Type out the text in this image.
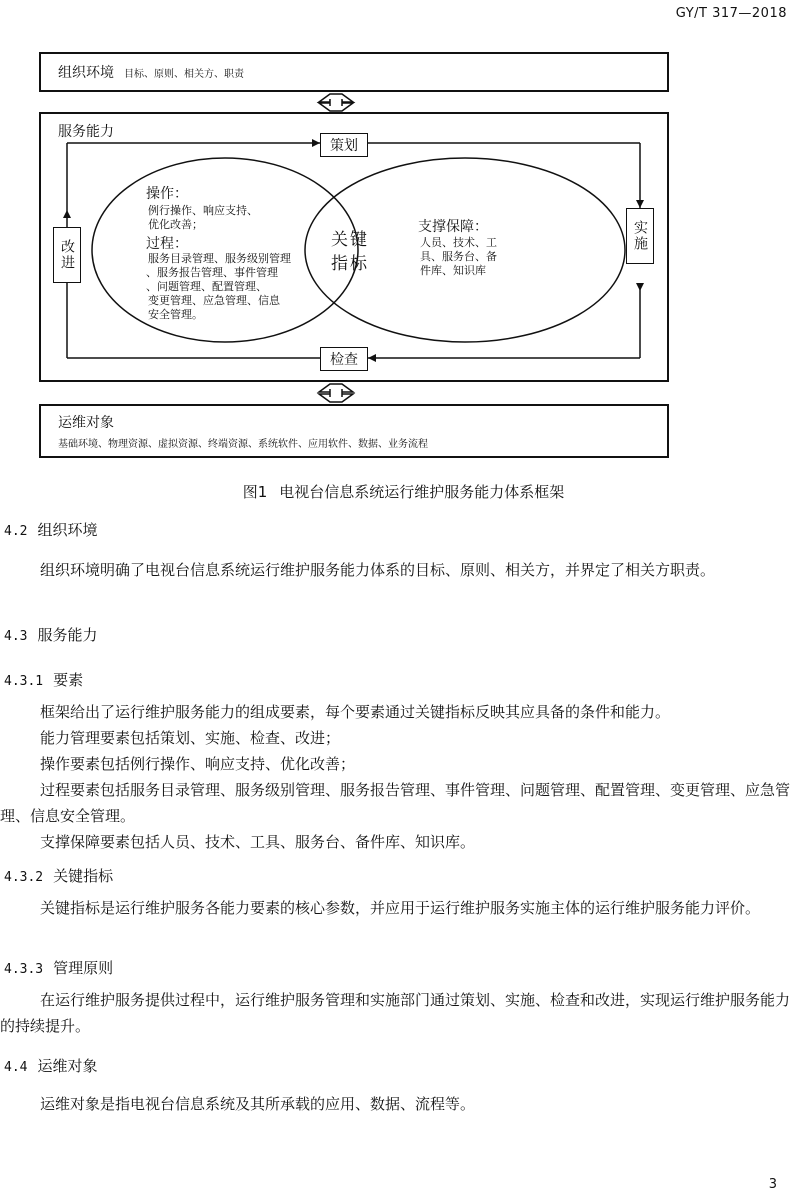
GY/T 317—2018
组织环境 目标、原则、相关方、职责
服务能力
运维对象
基础环境、物理资源、虚拟资源、终端资源、系统软件、应用软件、数据、业务流程
策划
检查
实施
改进
操作：
例行操作、响应支持、
优化改善；
过程：
服务目录管理、服务级别管理
、服务报告管理、事件管理
、问题管理、配置管理、
变更管理、应急管理、信息
安全管理。
关键
指标
支撑保障：
人员、技术、工
具、服务台、备
件库、知识库
图1 电视台信息系统运行维护服务能力体系框架
4.2 组织环境
组织环境明确了电视台信息系统运行维护服务能力体系的目标、原则、相关方，并界定了相关方职责。
4.3 服务能力
4.3.1 要素
框架给出了运行维护服务能力的组成要素，每个要素通过关键指标反映其应具备的条件和能力。
能力管理要素包括策划、实施、检查、改进；
操作要素包括例行操作、响应支持、优化改善；
过程要素包括服务目录管理、服务级别管理、服务报告管理、事件管理、问题管理、配置管理、变更管理、应急管理、信息安全管理。
支撑保障要素包括人员、技术、工具、服务台、备件库、知识库。
4.3.2 关键指标
关键指标是运行维护服务各能力要素的核心参数，并应用于运行维护服务实施主体的运行维护服务能力评价。
4.3.3 管理原则
在运行维护服务提供过程中，运行维护服务管理和实施部门通过策划、实施、检查和改进，实现运行维护服务能力的持续提升。
4.4 运维对象
运维对象是指电视台信息系统及其所承载的应用、数据、流程等。
3
